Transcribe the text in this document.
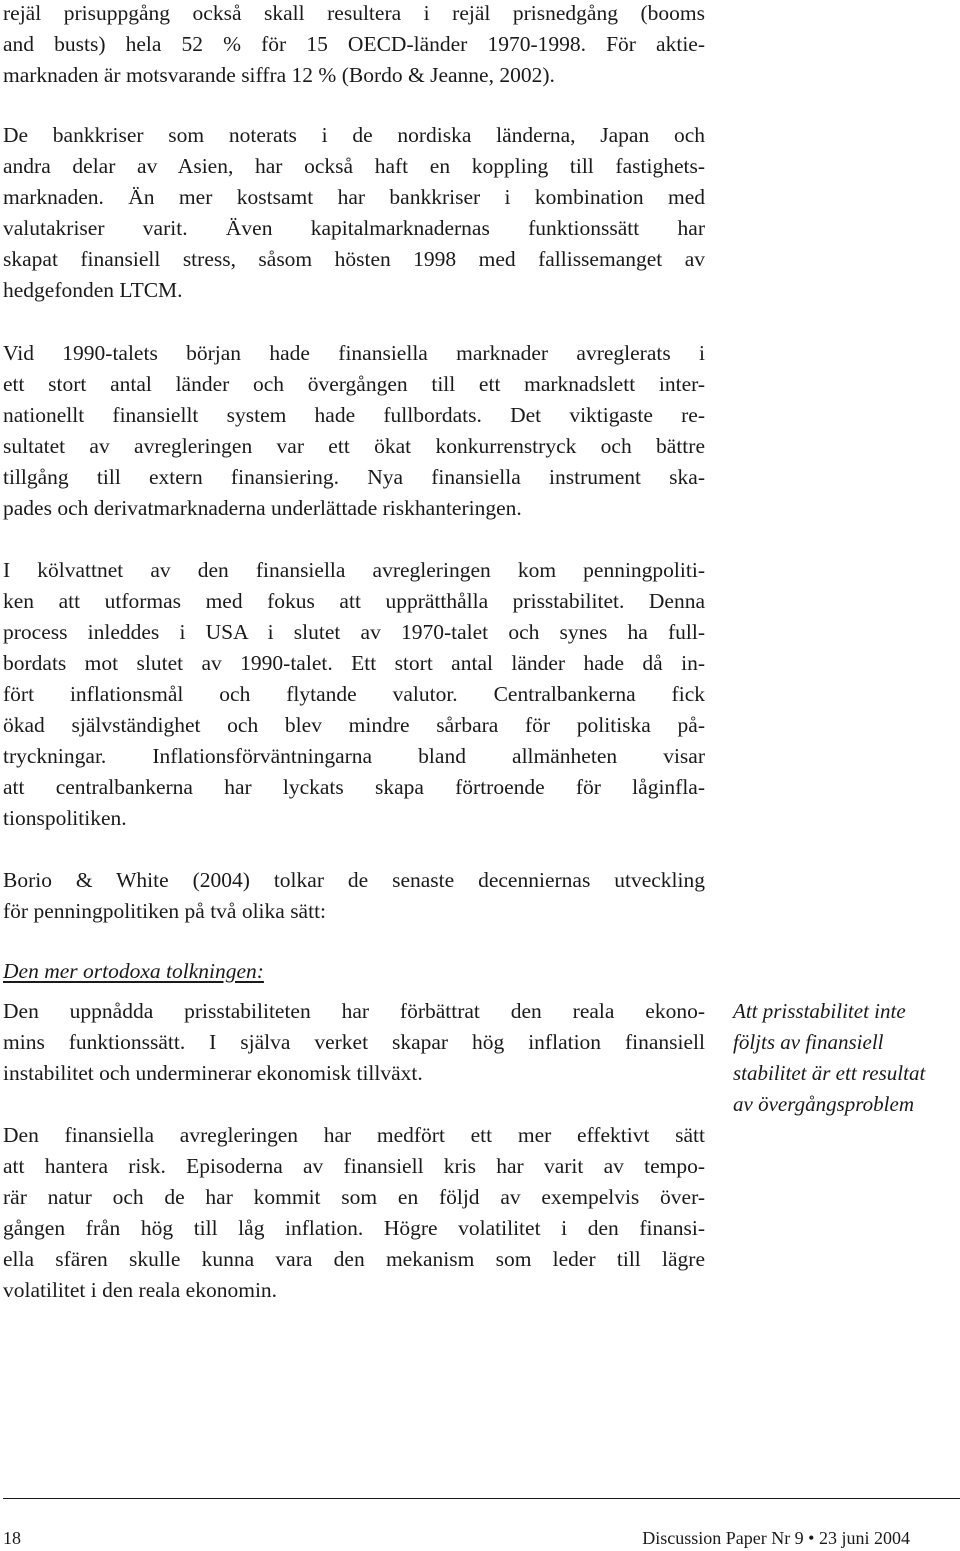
rejäl prisuppgång också skall resultera i rejäl prisnedgång (booms
and busts) hela 52 % för 15 OECD-länder 1970-1998. För aktie-
marknaden är motsvarande siffra 12 % (Bordo & Jeanne, 2002).
De bankkriser som noterats i de nordiska länderna, Japan och
andra delar av Asien, har också haft en koppling till fastighets-
marknaden. Än mer kostsamt har bankkriser i kombination med
valutakriser varit. Även kapitalmarknadernas funktionssätt har
skapat finansiell stress, såsom hösten 1998 med fallissemanget av
hedgefonden LTCM.
Vid 1990-talets början hade finansiella marknader avreglerats i
ett stort antal länder och övergången till ett marknadslett inter-
nationellt finansiellt system hade fullbordats. Det viktigaste re-
sultatet av avregleringen var ett ökat konkurrenstryck och bättre
tillgång till extern finansiering. Nya finansiella instrument ska-
pades och derivatmarknaderna underlättade riskhanteringen.
I kölvattnet av den finansiella avregleringen kom penningpoliti-
ken att utformas med fokus att upprätthålla prisstabilitet. Denna
process inleddes i USA i slutet av 1970-talet och synes ha full-
bordats mot slutet av 1990-talet. Ett stort antal länder hade då in-
fört inflationsmål och flytande valutor. Centralbankerna fick
ökad självständighet och blev mindre sårbara för politiska på-
tryckningar. Inflationsförväntningarna bland allmänheten visar
att centralbankerna har lyckats skapa förtroende för låginfla-
tionspolitiken.
Borio & White (2004) tolkar de senaste decenniernas utveckling
för penningpolitiken på två olika sätt:

Den mer ortodoxa tolkningen:

Den uppnådda prisstabiliteten har förbättrat den reala ekono-
mins funktionssätt. I själva verket skapar hög inflation finansiell
instabilitet och underminerar ekonomisk tillväxt.
Den finansiella avregleringen har medfört ett mer effektivt sätt
att hantera risk. Episoderna av finansiell kris har varit av tempo-
rär natur och de har kommit som en följd av exempelvis över-
gången från hög till låg inflation. Högre volatilitet i den finansi-
ella sfären skulle kunna vara den mekanism som leder till lägre
volatilitet i den reala ekonomin.
Att prisstabilitet inte
följts av finansiell
stabilitet är ett resultat
av övergångsproblem

18	Discussion Paper Nr 9 • 23 juni 2004
